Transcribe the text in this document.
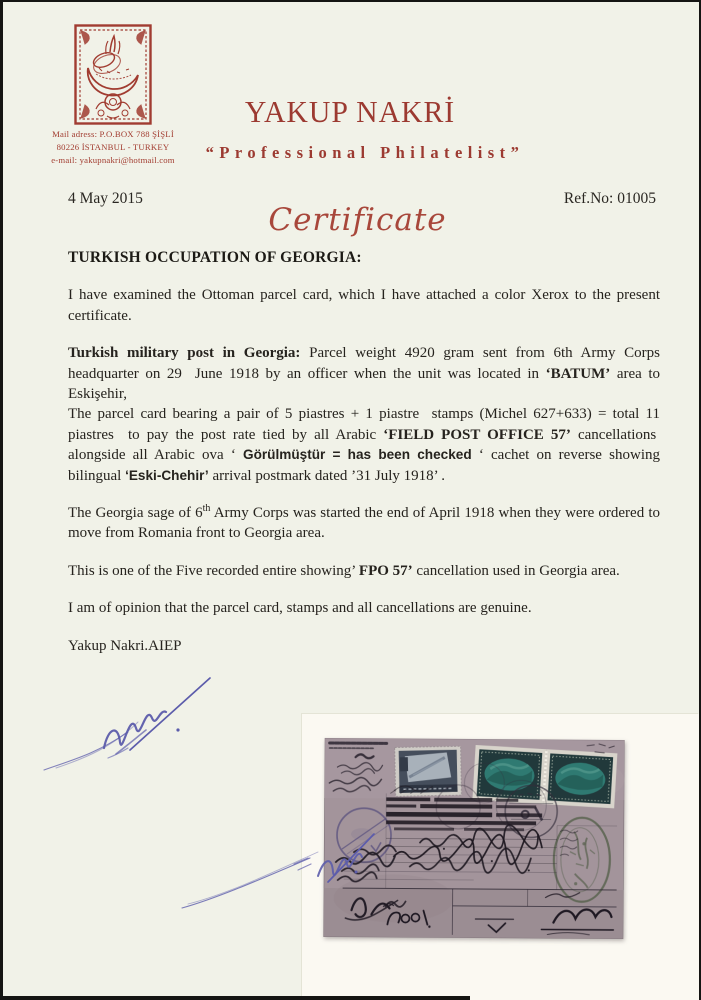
Mail adress: P.O.BOX 788 ŞİŞLİ
80226 İSTANBUL - TURKEY
e-mail: yakupnakri@hotmail.com
YAKUP NAKRİ
“Professional Philatelist”
4 May 2015	Ref.No: 01005
Certificate
TURKISH OCCUPATION OF GEORGIA:

I have examined the Ottoman parcel card, which I have attached a color Xerox to the present certificate.

Turkish military post in Georgia: Parcel weight 4920 gram sent from 6th Army Corps headquarter on 29  June 1918 by an officer when the unit was located in ‘BATUM’ area to Eskişehir,

The parcel card bearing a pair of 5 piastres + 1 piastre  stamps (Michel 627+633) = total 11 piastres  to pay the post rate tied by all Arabic ‘FIELD POST OFFICE 57’ cancellations  alongside all Arabic ova ‘ Görülmüştür = has been checked ‘ cachet on reverse showing bilingual ‘Eski-Chehir’ arrival postmark dated ’31 July 1918’ .

The Georgia sage of 6th Army Corps was started the end of April 1918 when they were ordered to move from Romania front to Georgia area.

This is one of the Five recorded entire showing’ FPO 57’ cancellation used in Georgia area.

I am of opinion that the parcel card, stamps and all cancellations are genuine.

Yakup Nakri.AIEP
